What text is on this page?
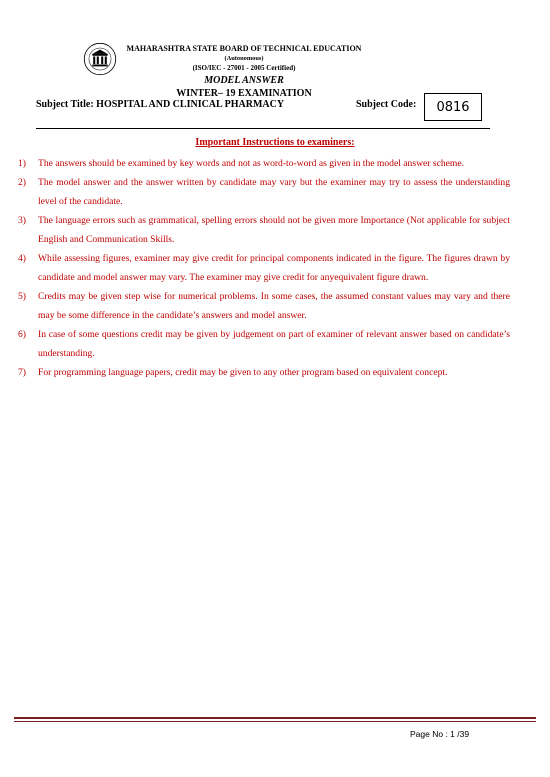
MAHARASHTRA STATE BOARD OF TECHNICAL EDUCATION
(Autonomous)
(ISO/IEC - 27001 - 2005 Certified)
MODEL ANSWER
WINTER– 19 EXAMINATION
Subject Title: HOSPITAL AND CLINICAL PHARMACY	Subject Code: 0816
Important Instructions to examiners:
1) The answers should be examined by key words and not as word-to-word as given in the model answer scheme.
2) The model answer and the answer written by candidate may vary but the examiner may try to assess the understanding level of the candidate.
3) The language errors such as grammatical, spelling errors should not be given more Importance (Not applicable for subject English and Communication Skills.
4) While assessing figures, examiner may give credit for principal components indicated in the figure. The figures drawn by candidate and model answer may vary. The examiner may give credit for anyequivalent figure drawn.
5) Credits may be given step wise for numerical problems. In some cases, the assumed constant values may vary and there may be some difference in the candidate’s answers and model answer.
6) In case of some questions credit may be given by judgement on part of examiner of relevant answer based on candidate’s understanding.
7) For programming language papers, credit may be given to any other program based on equivalent concept.
Page No : 1 /39
